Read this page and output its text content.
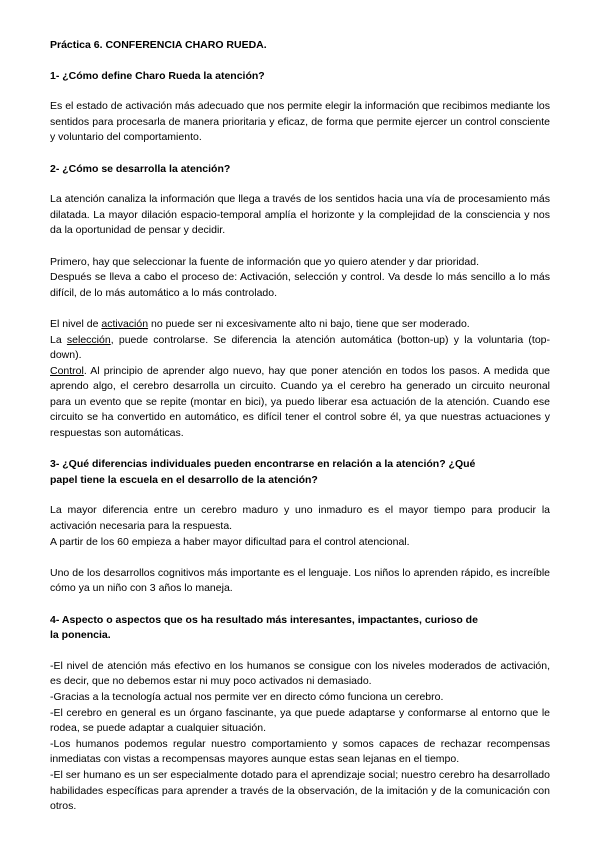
Práctica 6. CONFERENCIA CHARO RUEDA.
1- ¿Cómo define Charo Rueda la atención?

Es el estado de activación más adecuado que nos permite elegir la información que recibimos mediante los sentidos para procesarla de manera prioritaria y eficaz, de forma que permite ejercer un control consciente y voluntario del comportamiento.

2- ¿Cómo se desarrolla la atención?

La atención canaliza la información que llega a través de los sentidos hacia una vía de procesamiento más dilatada. La mayor dilación espacio-temporal amplía el horizonte y la complejidad de la consciencia y nos da la oportunidad de pensar y decidir.

Primero, hay que seleccionar la fuente de información que yo quiero atender y dar prioridad.

Después se lleva a cabo el proceso de: Activación, selección y control. Va desde lo más sencillo a lo más difícil, de lo más automático a lo más controlado.

El nivel de activación no puede ser ni excesivamente alto ni bajo, tiene que ser moderado.

La selección, puede controlarse. Se diferencia la atención automática (botton-up) y la voluntaria (top-down).

Control. Al principio de aprender algo nuevo, hay que poner atención en todos los pasos. A medida que aprendo algo, el cerebro desarrolla un circuito. Cuando ya el cerebro ha generado un circuito neuronal para un evento que se repite (montar en bici), ya puedo liberar esa actuación de la atención. Cuando ese circuito se ha convertido en automático, es difícil tener el control sobre él, ya que nuestras actuaciones y respuestas son automáticas.

3- ¿Qué diferencias individuales pueden encontrarse en relación a la atención? ¿Qué
papel tiene la escuela en el desarrollo de la atención?

La mayor diferencia entre un cerebro maduro y uno inmaduro es el mayor tiempo para producir la activación necesaria para la respuesta.

A partir de los 60 empieza a haber mayor dificultad para el control atencional.

Uno de los desarrollos cognitivos más importante es el lenguaje. Los niños lo aprenden rápido, es increíble cómo ya un niño con 3 años lo maneja.

4- Aspecto o aspectos que os ha resultado más interesantes, impactantes, curioso de
la ponencia.

-El nivel de atención más efectivo en los humanos se consigue con los niveles moderados de activación, es decir, que no debemos estar ni muy poco activados ni demasiado.

-Gracias a la tecnología actual nos permite ver en directo cómo funciona un cerebro.

-El cerebro en general es un órgano fascinante, ya que puede adaptarse y conformarse al entorno que le rodea, se puede adaptar a cualquier situación.

-Los humanos podemos regular nuestro comportamiento y somos capaces de rechazar recompensas inmediatas con vistas a recompensas mayores aunque estas sean lejanas en el tiempo.

-El ser humano es un ser especialmente dotado para el aprendizaje social; nuestro cerebro ha desarrollado habilidades específicas para aprender a través de la observación, de la imitación y de la comunicación con otros.
